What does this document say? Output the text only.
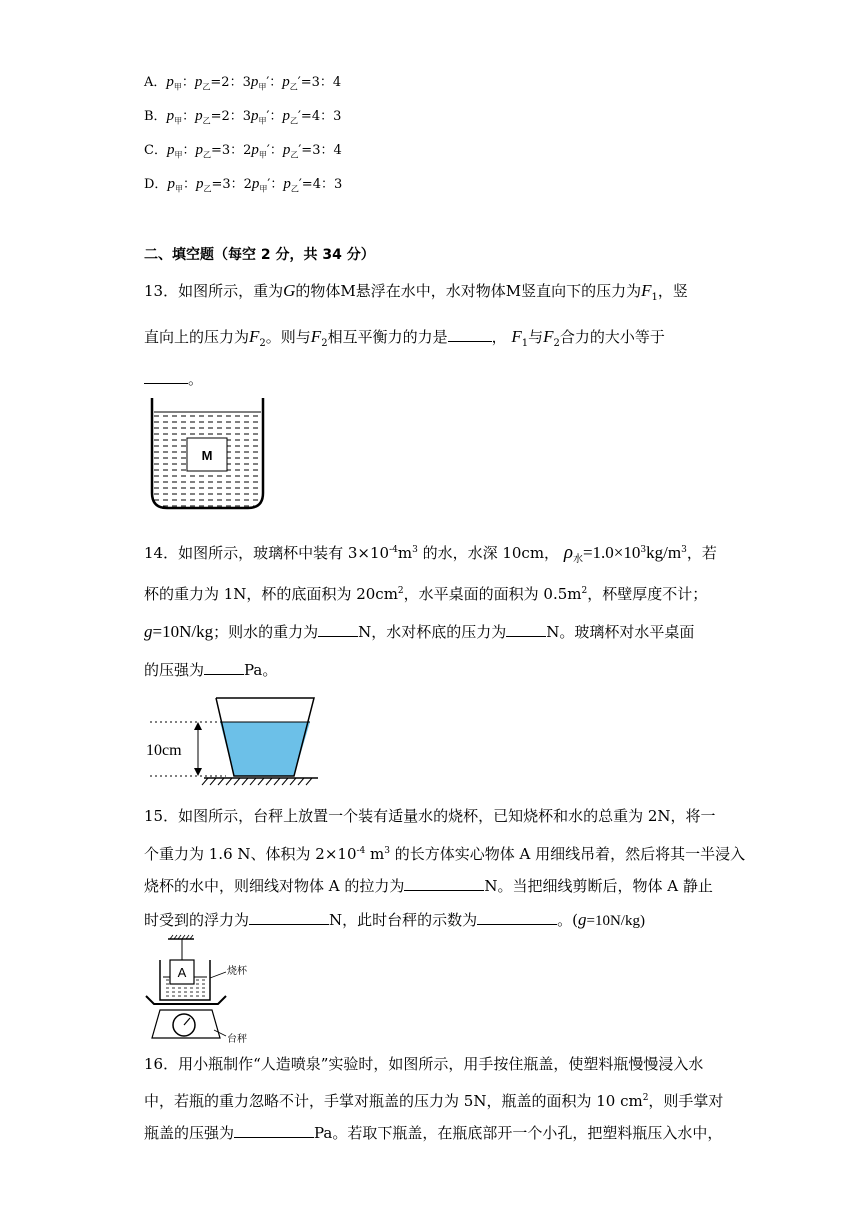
A．$p_甲$：$p_乙=2$：$3p_甲'$：$p_乙'=3$：4
B．$p_甲$：$p_乙=2$：$3p_甲'$：$p_乙'=4$：3
C．$p_甲$：$p_乙=3$：$2p_甲'$：$p_乙'=3$：4
D．$p_甲$：$p_乙=3$：$2p_甲'$：$p_乙'=4$：3
二、填空题（每空 2 分，共 34 分）
13．如图所示，重为G的物体M悬浮在水中，水对物体M竖直向下的压力为$F_1$，竖
直向上的压力为$F_2$。则与$F_2$相互平衡力的力是	， $F_1$与$F_2$合力的大小等于
。
M
14．如图所示，玻璃杯中装有 $3\times 10^{-4}m^3$ 的水，水深 10cm， $\rho_水=1.0\times 10^3kg/m^3$，若
杯的重力为 1N，杯的底面积为 $20cm^2$，水平桌面的面积为 $0.5m^2$，杯壁厚度不计；
g=10N/kg；则水的重力为	N，水对杯底的压力为	N。玻璃杯对水平桌面
的压强为	Pa。
10cm
15．如图所示，台秤上放置一个装有适量水的烧杯，已知烧杯和水的总重为 2N，将一
个重力为 1.6 N、体积为 $2\times 10^{-4}$ $m^3$ 的长方体实心物体 A 用细线吊着，然后将其一半浸入
烧杯的水中，则细线对物体 A 的拉力为	N。当把细线剪断后，物体 A 静止
时受到的浮力为	N，此时台秤的示数为	。(g=10N/kg)
A	烧杯
台秤
16．用小瓶制作“人造喷泉”实验时，如图所示，用手按住瓶盖，使塑料瓶慢慢浸入水
中，若瓶的重力忽略不计，手掌对瓶盖的压力为 5N，瓶盖的面积为 10 $cm^2$，则手掌对
瓶盖的压强为	Pa。若取下瓶盖，在瓶底部开一个小孔，把塑料瓶压入水中，
